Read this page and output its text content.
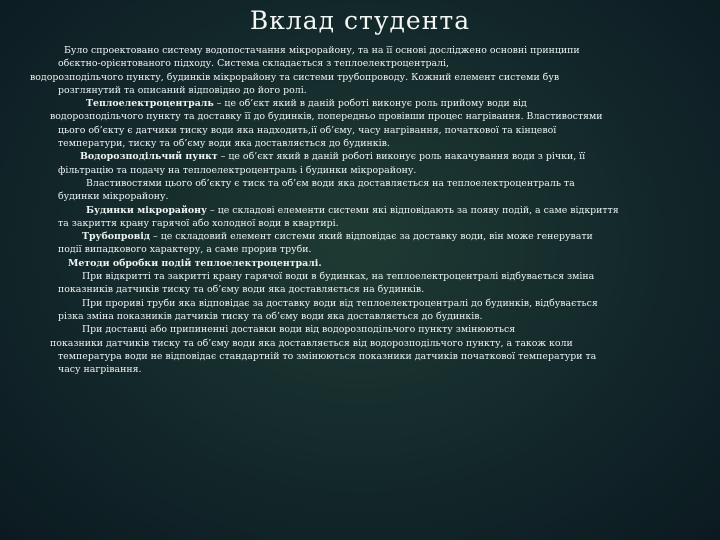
Вклад студента
Було спроектовано систему водопостачання мікрорайону, та на її основі досліджено основні принципи
обєктно-орієнтованого підходу. Система складається з теплоелектроцентралі,
водорозподільчого пункту, будинків мікрорайону та системи трубопроводу. Кожний елемент системи був
розглянутий та описаний відповідно до його ролі.
Теплоелектроцентраль – це об’єкт який в даній роботі виконує роль прийому води від
водорозподільчого пункту та доставку її до будинків, попередньо провівши процес нагрівання. Властивостями
цього об’єкту є датчики тиску води яка надходить,ії об’єму, часу нагрівання, початкової та кінцевої
температури, тиску та об’єму води яка доставляється до будинків.
Водорозподільчий пункт – це об’єкт який в даній роботі виконує роль накачування води з річки, її
фільтрацію та подачу на теплоелектроцентраль і будинки мікрорайону.
Властивостями цього об’єкту є тиск та об’єм води яка доставляється на теплоелектроцентраль та
будинки мікрорайону.
Будинки мікрорайону – це складові елементи системи які відповідають за появу подій, а саме відкриття
та закриття крану гарячої або холодної води в квартирі.
Трубопровід – це складовий елемент системи який відповідає за доставку води, він може генерувати
події випадкового характеру, а саме прорив труби.
Методи обробки подій теплоелектроцентралі.
При відкритті та закритті крану гарячої води в будинках, на теплоелектроцентралі відбувається зміна
показників датчиків тиску та об’єму води яка доставляється на будинків.
При прориві труби яка відповідає за доставку води від теплоелектроцентралі до будинків, відбувається
різка зміна показників датчиків тиску та об’єму води яка доставляється до будинків.
При доставці або припиненні доставки води від водорозподільчого пункту змінюються
показники датчиків тиску та об’єму води яка доставляється від водорозподільчого пункту, а також коли
температура води не відповідає стандартній то змінюються показники датчиків початкової температури та
часу нагрівання.
